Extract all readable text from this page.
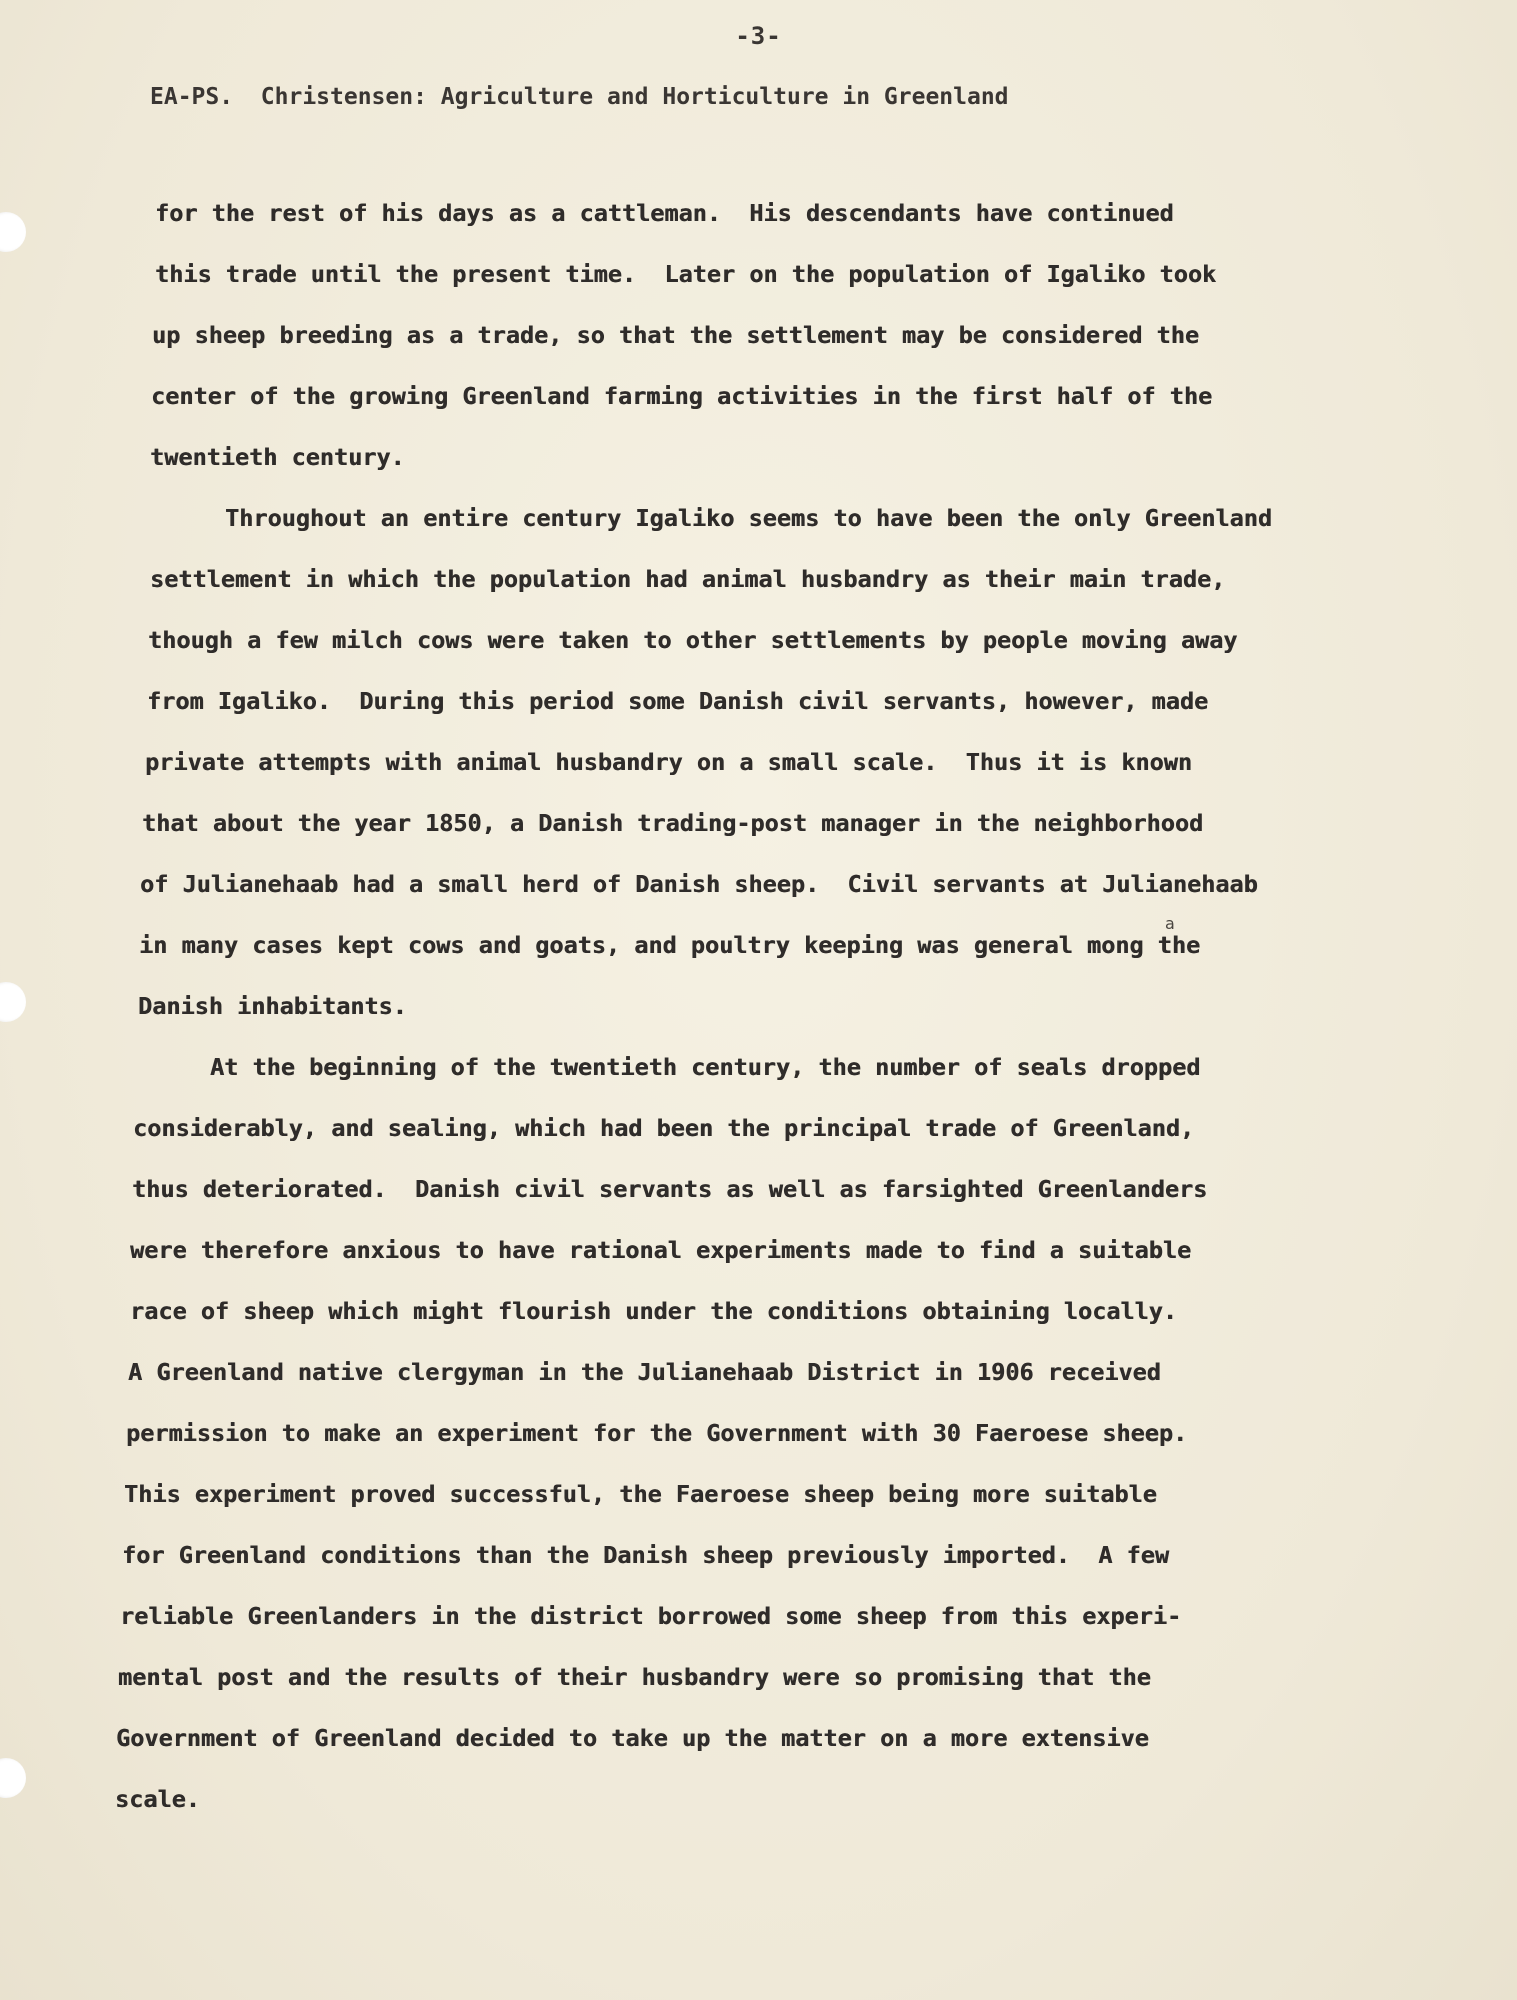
-3-
EA-PS.  Christensen: Agriculture and Horticulture in Greenland
for the rest of his days as a cattleman.  His descendants have continued
this trade until the present time.  Later on the population of Igaliko took
up sheep breeding as a trade, so that the settlement may be considered the
center of the growing Greenland farming activities in the first half of the
twentieth century.
Throughout an entire century Igaliko seems to have been the only Greenland
settlement in which the population had animal husbandry as their main trade,
though a few milch cows were taken to other settlements by people moving away
from Igaliko.  During this period some Danish civil servants, however, made
private attempts with animal husbandry on a small scale.  Thus it is known
that about the year 1850, a Danish trading-post manager in the neighborhood
of Julianehaab had a small herd of Danish sheep.  Civil servants at Julianehaab
in many cases kept cows and goats, and poultry keeping was general mong the
a
Danish inhabitants.
At the beginning of the twentieth century, the number of seals dropped
considerably, and sealing, which had been the principal trade of Greenland,
thus deteriorated.  Danish civil servants as well as farsighted Greenlanders
were therefore anxious to have rational experiments made to find a suitable
race of sheep which might flourish under the conditions obtaining locally.
A Greenland native clergyman in the Julianehaab District in 1906 received
permission to make an experiment for the Government with 30 Faeroese sheep.
This experiment proved successful, the Faeroese sheep being more suitable
for Greenland conditions than the Danish sheep previously imported.  A few
reliable Greenlanders in the district borrowed some sheep from this experi-
mental post and the results of their husbandry were so promising that the
Government of Greenland decided to take up the matter on a more extensive
scale.
